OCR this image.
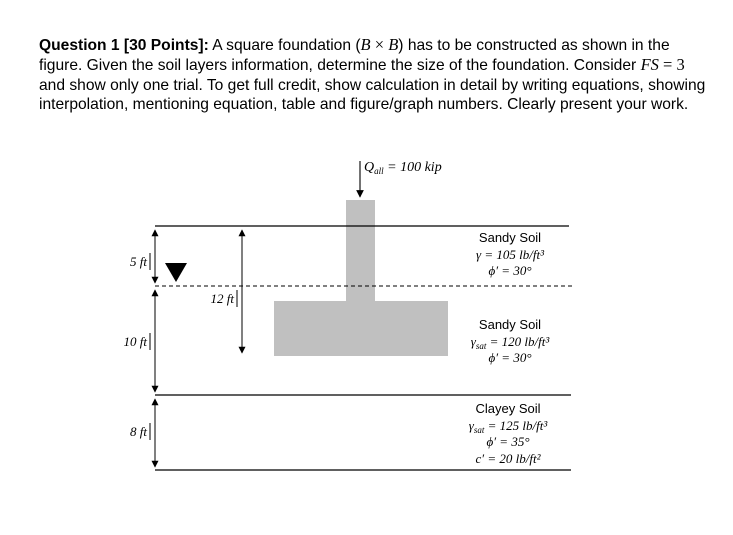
Question 1 [30 Points]: A square foundation (B × B) has to be constructed as shown in the figure. Given the soil layers information, determine the size of the foundation. Consider FS = 3 and show only one trial. To get full credit, show calculation in detail by writing equations, showing interpolation, mentioning equation, table and figure/graph numbers. Clearly present your work.
5 ft
10 ft
8 ft
12 ft
$Q_{all} = 100$ kip
Sandy Soil
γ = 105 lb/ft³
ϕ′ = 30°
Sandy Soil
$\gamma_{sat} = 120$ lb/ft³
ϕ′ = 30°
Clayey Soil
$\gamma_{sat} = 125$ lb/ft³
ϕ′ = 35°
c′ = 20 lb/ft²
